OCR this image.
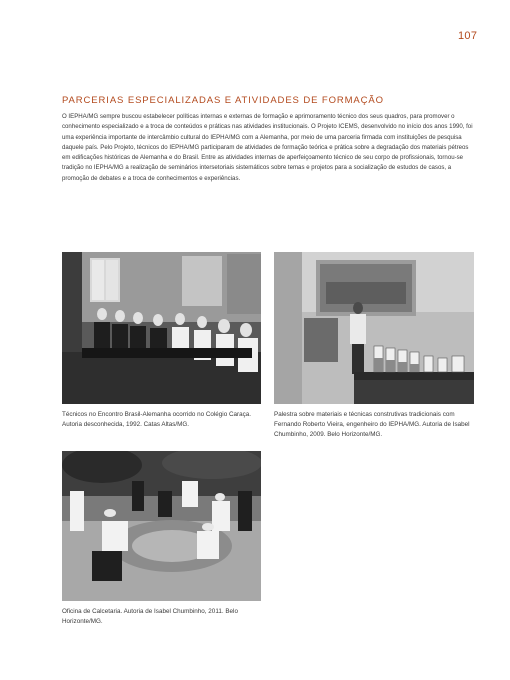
107
PARCERIAS ESPECIALIZADAS E ATIVIDADES DE FORMAÇÃO

O IEPHA/MG sempre buscou estabelecer políticas internas e externas de formação e aprimoramento técnico dos seus quadros, para promover o conhecimento especializado e a troca de conteúdos e práticas nas atividades institucionais. O Projeto ICEMS, desenvolvido no início dos anos 1990, foi uma experiência importante de intercâmbio cultural do IEPHA/MG com a Alemanha, por meio de uma parceria firmada com instituições de pesquisa daquele país. Pelo Projeto, técnicos do IEPHA/MG participaram de atividades de formação teórica e prática sobre a degradação dos materiais pétreos em edificações históricas de Alemanha e do Brasil. Entre as atividades internas de aperfeiçoamento técnico de seu corpo de profissionais, tornou-se tradição no IEPHA/MG a realização de seminários intersetoriais sistemáticos sobre temas e projetos para a socialização de estudos de casos, a promoção de debates e a troca de conhecimentos e experiências.

Técnicos no Encontro Brasil-Alemanha ocorrido no Colégio Caraça. Autoria desconhecida, 1992. Catas Altas/MG.

Palestra sobre materiais e técnicas construtivas tradicionais com Fernando Roberto Vieira, engenheiro do IEPHA/MG. Autoria de Isabel Chumbinho, 2009. Belo Horizonte/MG.

Oficina de Calcetaria. Autoria de Isabel Chumbinho, 2011. Belo Horizonte/MG.
